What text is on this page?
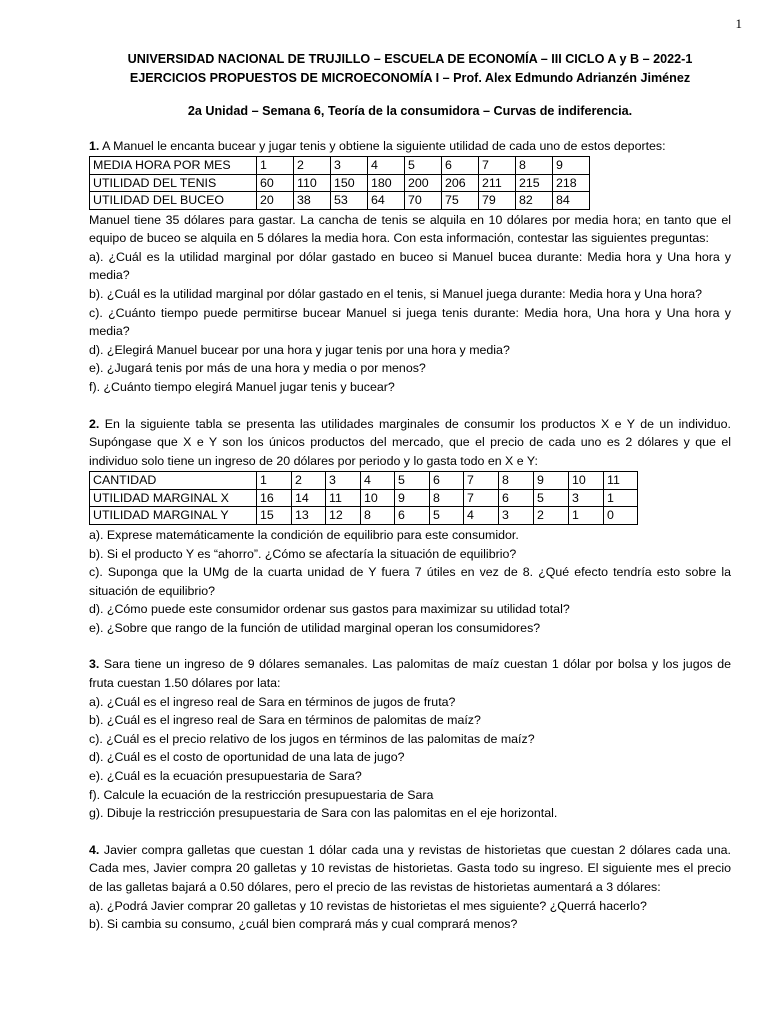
1
UNIVERSIDAD NACIONAL DE TRUJILLO – ESCUELA DE ECONOMÍA – III CICLO A y B – 2022-1
EJERCICIOS PROPUESTOS DE MICROECONOMÍA I – Prof. Alex Edmundo Adrianzén Jiménez
2a Unidad – Semana 6, Teoría de la consumidora – Curvas de indiferencia.
1. A Manuel le encanta bucear y jugar tenis y obtiene la siguiente utilidad de cada uno de estos deportes:
MEDIA HORA POR MES	1	2	3	4	5	6	7	8	9
UTILIDAD DEL TENIS	60	110	150	180	200	206	211	215	218
UTILIDAD DEL BUCEO	20	38	53	64	70	75	79	82	84
Manuel tiene 35 dólares para gastar. La cancha de tenis se alquila en 10 dólares por media hora; en tanto que el equipo de buceo se alquila en 5 dólares la media hora. Con esta información, contestar las siguientes preguntas:
a). ¿Cuál es la utilidad marginal por dólar gastado en buceo si Manuel bucea durante: Media hora y Una hora y media?
b). ¿Cuál es la utilidad marginal por dólar gastado en el tenis, si Manuel juega durante: Media hora y Una hora?
c). ¿Cuánto tiempo puede permitirse bucear Manuel si juega tenis durante: Media hora, Una hora y Una hora y media?
d). ¿Elegirá Manuel bucear por una hora y jugar tenis por una hora y media?
e). ¿Jugará tenis por más de una hora y media o por menos?
f). ¿Cuánto tiempo elegirá Manuel jugar tenis y bucear?
2. En la siguiente tabla se presenta las utilidades marginales de consumir los productos X e Y de un individuo. Supóngase que X e Y son los únicos productos del mercado, que el precio de cada uno es 2 dólares y que el individuo solo tiene un ingreso de 20 dólares por periodo y lo gasta todo en X e Y:
CANTIDAD	1	2	3	4	5	6	7	8	9	10	11
UTILIDAD MARGINAL X	16	14	11	10	9	8	7	6	5	3	1
UTILIDAD MARGINAL Y	15	13	12	8	6	5	4	3	2	1	0
a). Exprese matemáticamente la condición de equilibrio para este consumidor.
b). Si el producto Y es “ahorro”. ¿Cómo se afectaría la situación de equilibrio?
c). Suponga que la UMg de la cuarta unidad de Y fuera 7 útiles en vez de 8. ¿Qué efecto tendría esto sobre la situación de equilibrio?
d). ¿Cómo puede este consumidor ordenar sus gastos para maximizar su utilidad total?
e). ¿Sobre que rango de la función de utilidad marginal operan los consumidores?
3. Sara tiene un ingreso de 9 dólares semanales. Las palomitas de maíz cuestan 1 dólar por bolsa y los jugos de fruta cuestan 1.50 dólares por lata:
a). ¿Cuál es el ingreso real de Sara en términos de jugos de fruta?
b). ¿Cuál es el ingreso real de Sara en términos de palomitas de maíz?
c). ¿Cuál es el precio relativo de los jugos en términos de las palomitas de maíz?
d). ¿Cuál es el costo de oportunidad de una lata de jugo?
e). ¿Cuál es la ecuación presupuestaria de Sara?
f). Calcule la ecuación de la restricción presupuestaria de Sara
g). Dibuje la restricción presupuestaria de Sara con las palomitas en el eje horizontal.
4. Javier compra galletas que cuestan 1 dólar cada una y revistas de historietas que cuestan 2 dólares cada una. Cada mes, Javier compra 20 galletas y 10 revistas de historietas. Gasta todo su ingreso. El siguiente mes el precio de las galletas bajará a 0.50 dólares, pero el precio de las revistas de historietas aumentará a 3 dólares:
a). ¿Podrá Javier comprar 20 galletas y 10 revistas de historietas el mes siguiente? ¿Querrá hacerlo?
b). Si cambia su consumo, ¿cuál bien comprará más y cual comprará menos?
